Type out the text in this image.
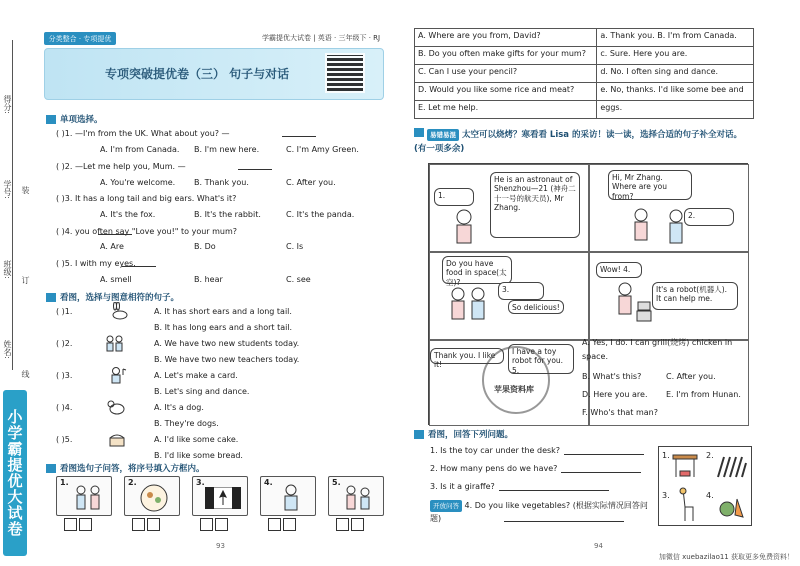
得分:
学号:
班级:
姓名:
装
订
线
小学霸提优大试卷
分类整合 · 专项提优	学霸提优大试卷 | 英语 · 三年级下 · RJ
专项突破提优卷（三） 句子与对话
单项选择。
( )1. —I'm from the UK. What about you? —
A. I'm from Canada. B. I'm new here.	C. I'm Amy Green.
( )2. —Let me help you, Mum. —
A. You're welcome. B. Thank you.	C. After you.
( )3. It has a long tail and big ears. What's it?
A. It's the fox.	B. It's the rabbit.	C. It's the panda.
( )4. you often say "Love you!" to your mum?
A. Are	B. Do	C. Is
( )5. I with my eyes.
A. smell	B. hear	C. see
看图，选择与图意相符的句子。
( )1.	A. It has short ears and a long tail.
B. It has long ears and a short tail.
( )2.	A. We have two new students today.
B. We have two new teachers today.
( )3.	A. Let's make a card.
B. Let's sing and dance.
( )4.	A. It's a dog.
B. They're dogs.
( )5.	A. I'd like some cake.
B. I'd like some bread.
看图选句子问答，将序号填入方框内。
1.	2.	3.	4.	5.
93
A. Where are you from, David?	a. Thank you. B. I'm from Canada.
B. Do you often make gifts for your mum?	c. Sure. Here you are.
C. Can I use your pencil?	d. No. I often sing and dance.
D. Would you like some rice and meat?	e. No, thanks. I'd like some bee and
E. Let me help.	eggs.
易错易混 太空可以烧烤？寒看看 Lisa 的采访！读一读，选择合适的句子补全对话。(有一项多余)
1.
He is an astronaut of Shenzhou—21 (神舟二十一号的航天员), Mr Zhang.
Hi, Mr Zhang. Where are you from?
2.
Do you have food in space(太空)?
3.
So delicious!
Wow! 4.
It's a robot(机器人). It can help me.
Thank you. I like it!
I have a toy robot for you. 5.
苹果资料库
A. Yes, I do. I can grill(烧烤) chicken in space.
B. What's this?	C. After you.
D. Here you are. E. I'm from Hunan.
F. Who's that man?
看图，回答下列问题。
1. Is the toy car under the desk?
2. How many pens do we have?
3. Is it a giraffe?
开放问答 4. Do you like vegetables? (根据实际情况回答问题)
1.	2.
3.	4.
94
加微信 xuebazilao11 获取更多免费资料！
